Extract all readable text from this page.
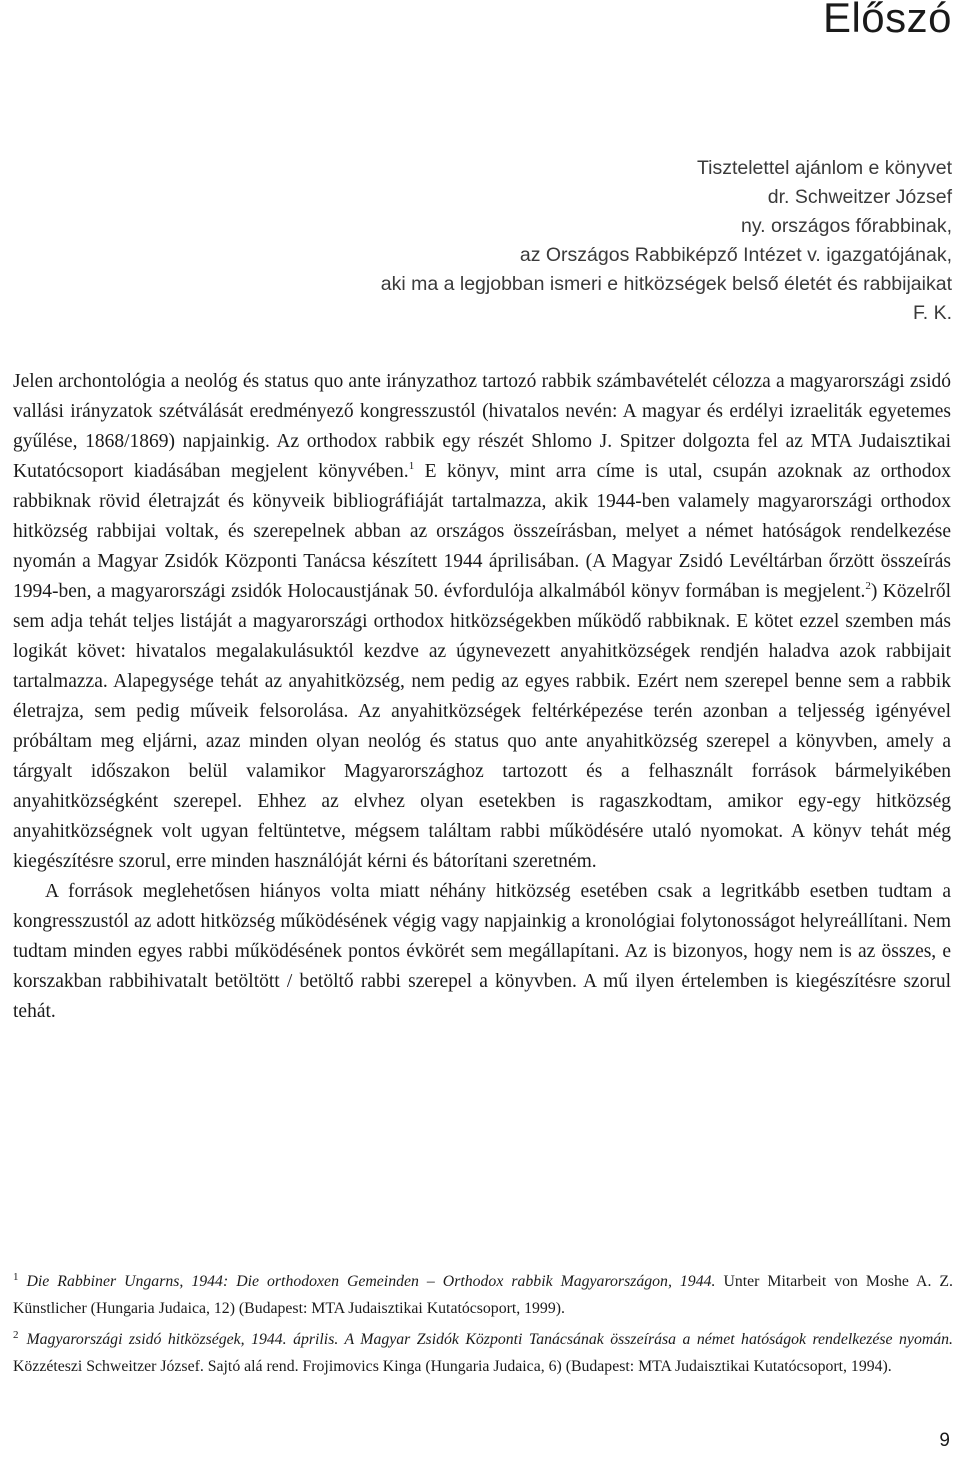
Előszó
Tisztelettel ajánlom e könyvet
dr. Schweitzer József
ny. országos főrabbinak,
az Országos Rabbiképző Intézet v. igazgatójának,
aki ma a legjobban ismeri e hitközségek belső életét és rabbijaikat
F. K.

Jelen archontológia a neológ és status quo ante irányzathoz tartozó rabbik számbavételét célozza a magyarországi zsidó vallási irányzatok szétválását eredményező kongresszustól (hivatalos nevén: A magyar és erdélyi izraeliták egyetemes gyűlése, 1868/1869) napjainkig. Az orthodox rabbik egy részét Shlomo J. Spitzer dolgozta fel az MTA Judaisztikai Kutatócsoport kiadásában megjelent könyvében.$^1$ E könyv, mint arra címe is utal, csupán azoknak az orthodox rabbiknak rövid életrajzát és könyveik bibliográfiáját tartalmazza, akik 1944-ben valamely magyarországi orthodox hitközség rabbijai voltak, és szerepelnek abban az országos összeírásban, melyet a német hatóságok rendelkezése nyomán a Magyar Zsidók Központi Tanácsa készített 1944 áprilisában. (A Magyar Zsidó Levéltárban őrzött összeírás 1994-ben, a magyarországi zsidók Holocaustjának 50. évfordulója alkalmából könyv formában is megjelent.$^2$) Közelről sem adja tehát teljes listáját a magyarországi orthodox hitközségekben működő rabbiknak. E kötet ezzel szemben más logikát követ: hivatalos megalakulásuktól kezdve az úgynevezett anyahitközségek rendjén haladva azok rabbijait tartalmazza. Alapegysége tehát az anyahitközség, nem pedig az egyes rabbik. Ezért nem szerepel benne sem a rabbik életrajza, sem pedig műveik felsorolása. Az anyahitközségek feltérképezése terén azonban a teljesség igényével próbáltam meg eljárni, azaz minden olyan neológ és status quo ante anyahitközség szerepel a könyvben, amely a tárgyalt időszakon belül valamikor Magyarországhoz tartozott és a felhasznált források bármelyikében anyahitközségként szerepel. Ehhez az elvhez olyan esetekben is ragaszkodtam, amikor egy-egy hitközség anyahitközségnek volt ugyan feltüntetve, mégsem találtam rabbi működésére utaló nyomokat. A könyv tehát még kiegészítésre szorul, erre minden használóját kérni és bátorítani szeretném.

A források meglehetősen hiányos volta miatt néhány hitközség esetében csak a legritkább esetben tudtam a kongresszustól az adott hitközség működésének végig vagy napjainkig a kronológiai folytonosságot helyreállítani. Nem tudtam minden egyes rabbi működésének pontos évkörét sem megállapítani. Az is bizonyos, hogy nem is az összes, e korszakban rabbihivatalt betöltött / betöltő rabbi szerepel a könyvben. A mű ilyen értelemben is kiegészítésre szorul tehát.

$^1$ Die Rabbiner Ungarns, 1944: Die orthodoxen Gemeinden – Orthodox rabbik Magyarországon, 1944. Unter Mitarbeit von Moshe A. Z. Künstlicher (Hungaria Judaica, 12) (Budapest: MTA Judaisztikai Kutatócsoport, 1999).

$^2$ Magyarországi zsidó hitközségek, 1944. április. A Magyar Zsidók Központi Tanácsának összeírása a német hatóságok rendelkezése nyomán. Közzéteszi Schweitzer József. Sajtó alá rend. Frojimovics Kinga (Hungaria Judaica, 6) (Budapest: MTA Judaisztikai Kutatócsoport, 1994).

9
